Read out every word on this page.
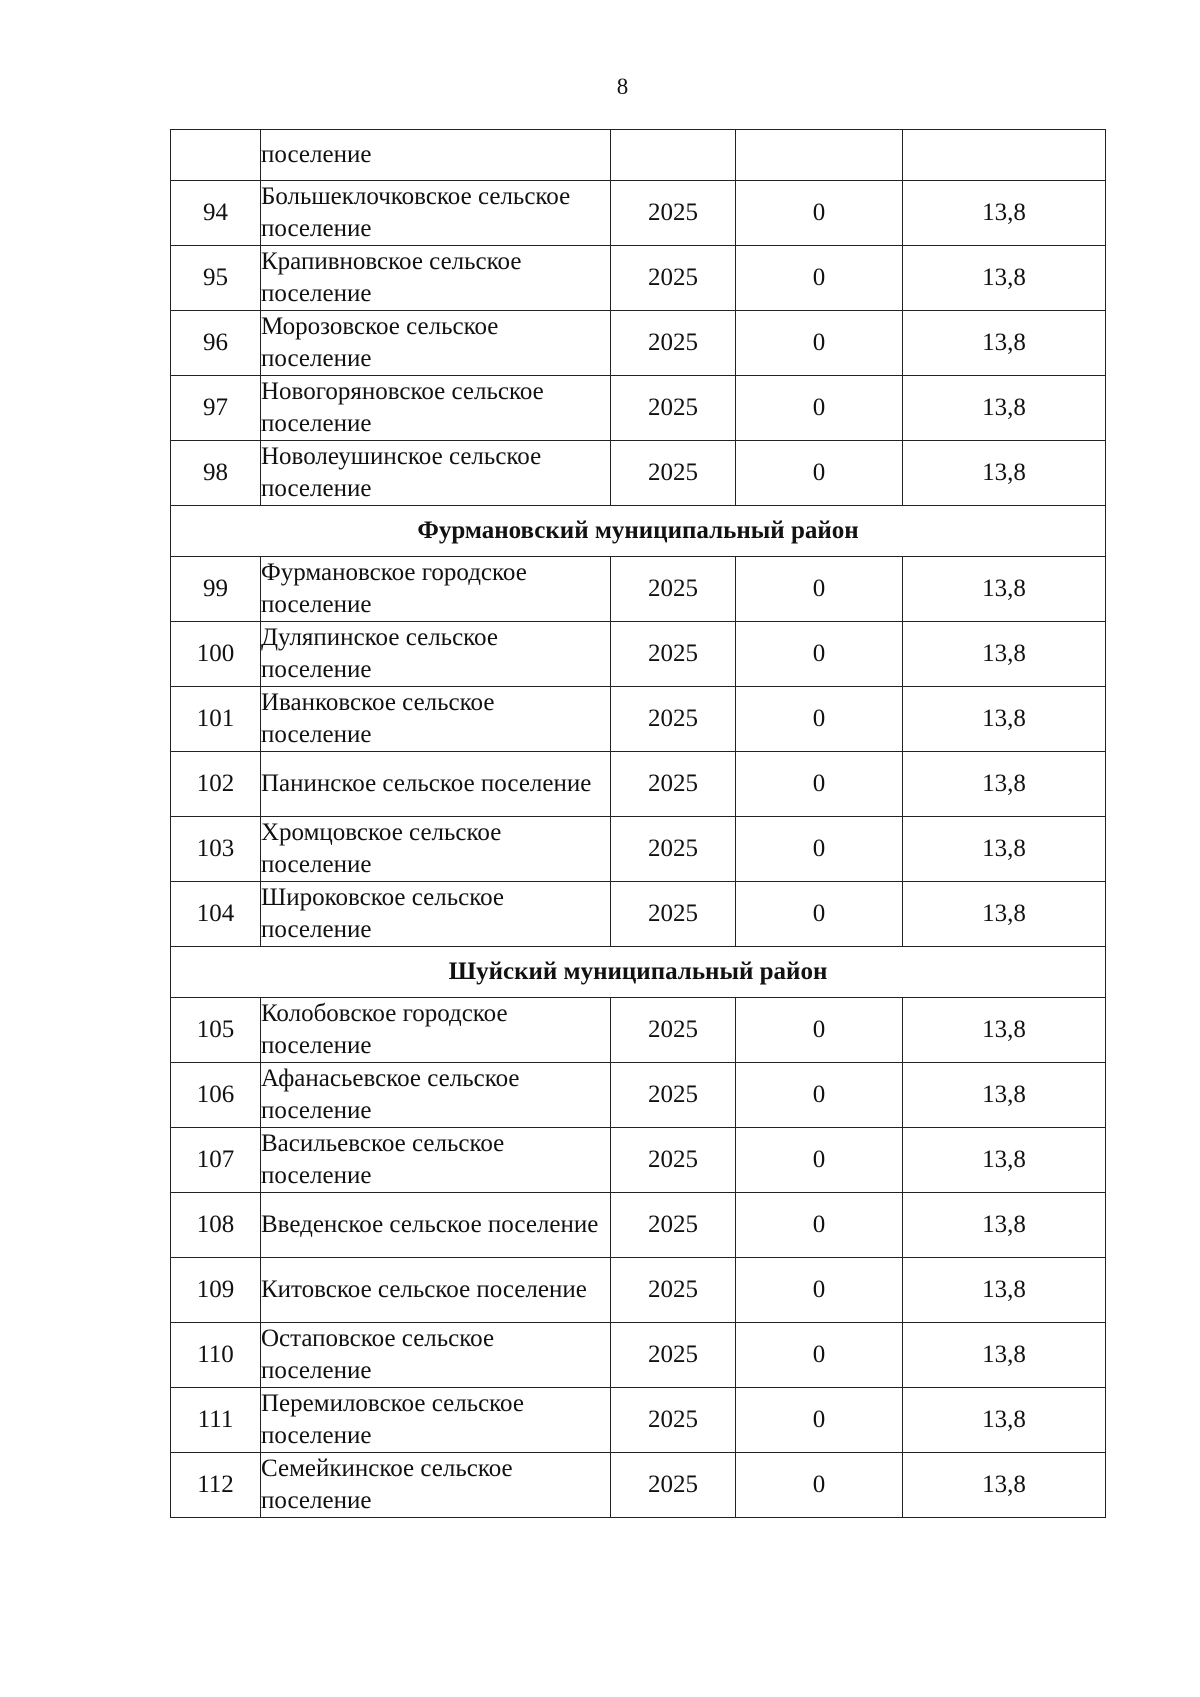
8
	поселение			
94	Большеклочковское сельское поселение	2025	0	13,8
95	Крапивновское сельское поселение	2025	0	13,8
96	Морозовское сельское поселение	2025	0	13,8
97	Новогоряновское сельское поселение	2025	0	13,8
98	Новолеушинское сельское поселение	2025	0	13,8
Фурмановский муниципальный район				
99	Фурмановское городское поселение	2025	0	13,8
100	Дуляпинское сельское поселение	2025	0	13,8
101	Иванковское сельское поселение	2025	0	13,8
102	Панинское сельское поселение	2025	0	13,8
103	Хромцовское сельское поселение	2025	0	13,8
104	Широковское сельское поселение	2025	0	13,8
Шуйский муниципальный район				
105	Колобовское городское поселение	2025	0	13,8
106	Афанасьевское сельское поселение	2025	0	13,8
107	Васильевское сельское поселение	2025	0	13,8
108	Введенское сельское поселение	2025	0	13,8
109	Китовское сельское поселение	2025	0	13,8
110	Остаповское сельское поселение	2025	0	13,8
111	Перемиловское сельское поселение	2025	0	13,8
112	Семейкинское сельское поселение	2025	0	13,8
